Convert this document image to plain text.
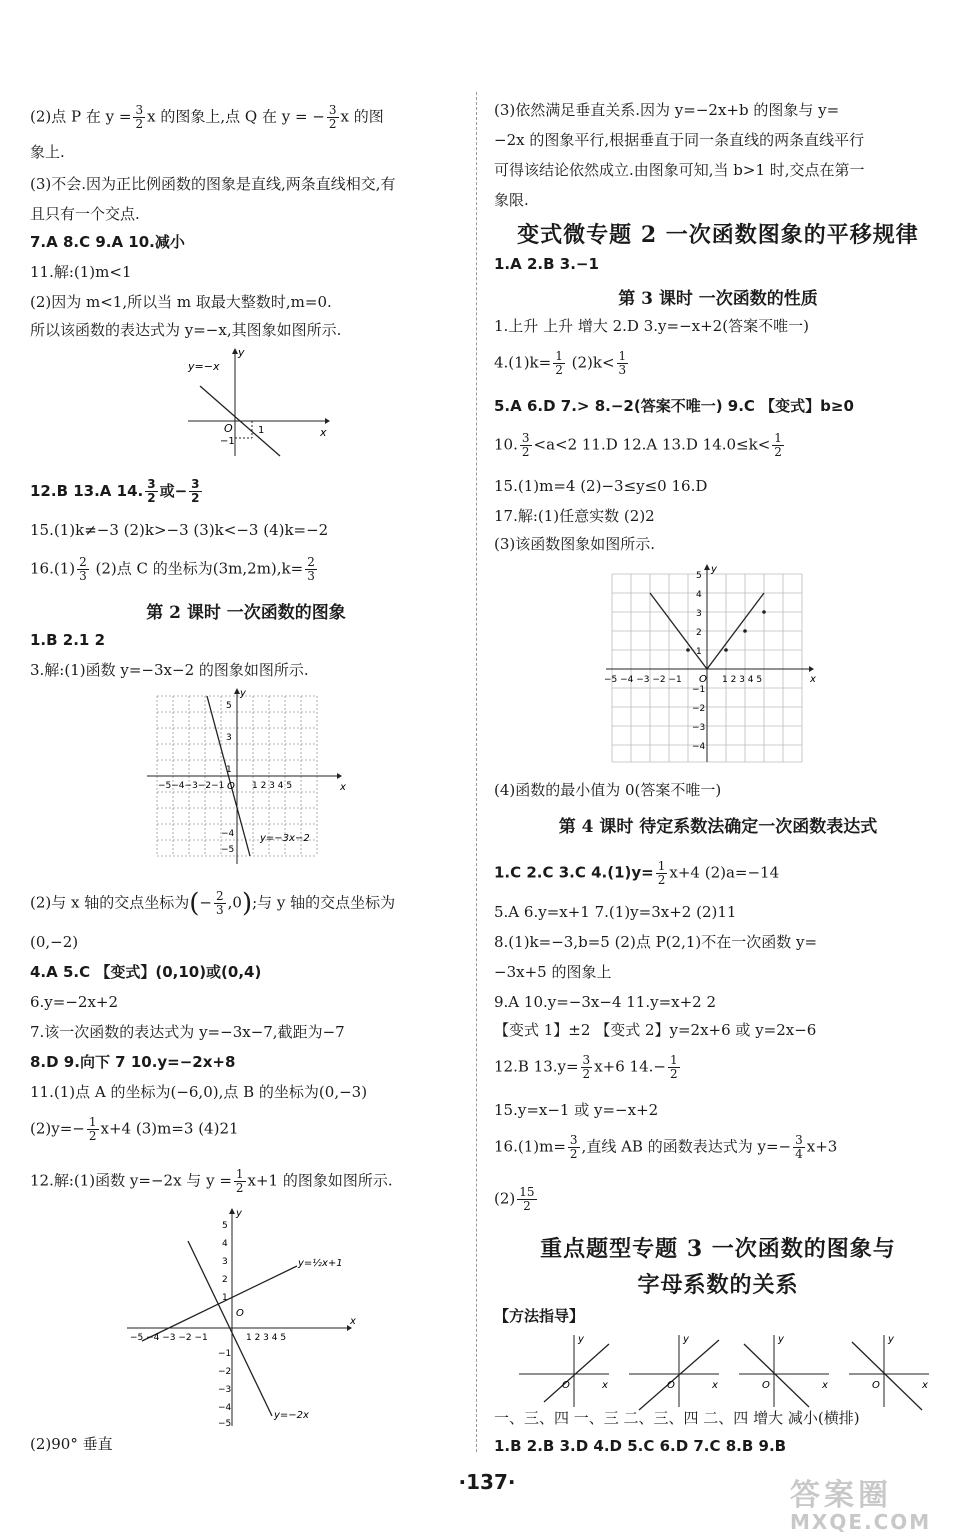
(2)点 P 在 $y = \frac{3}{2}$ x 的图象上,点 Q 在 y = − $\frac{3}{2}$ x 的图
象上.
(3)不会.因为正比例函数的图象是直线,两条直线相交,有
且只有一个交点.
7.A 8.C 9.A 10.减小
11.解:(1)m<1
(2)因为 m<1,所以当 m 取最大整数时,m=0.
所以该函数的表达式为 y=−x,其图象如图所示.
y=−x
y
x
O	1
−1
12.B 13.A 14. $\frac{3}{2}$ 或− $\frac{3}{2}$
15.(1)k≠−3 (2)k>−3 (3)k<−3 (4)k=−2
$16.(1) \frac{2}{3} (2)$点 C 的坐标为$(3m,2m),k= \frac{2}{3}$
第 2 课时 一次函数的图象
1.B 2.1 2
3.解:(1)函数 y=−3x−2 的图象如图所示.
y
x
O
5
3
1
−4
−5
−5−4−3−2−1	1 2 3 4 5
y=−3x−2
(2)与 x 轴的交点坐标为(− $\frac{2}{3} ,0$);与 y 轴的交点坐标为
(0,−2)
4.A 5.C 【变式】(0,10)或(0,4)
6.y=−2x+2
7.该一次函数的表达式为 y=−3x−7,截距为−7
8.D 9.向下 7 10.y=−2x+8
11.(1)点 A 的坐标为(−6,0),点 B 的坐标为(0,−3)
$(2)y=- \frac{1}{2} x+4$ (3)m=3 (4)21
12.解:(1)函数 y=−2x 与 $y = \frac{1}{2} x+1$ 的图象如图所示.
y
x
O
5
4
3
2
1
−1
−2
−3
−4
−5
−5 −4 −3 −2 −1	1 2 3 4 5
y=½x+1
y=−2x
(2)90° 垂直
(3)依然满足垂直关系.因为 y=−2x+b 的图象与 y=
−2x 的图象平行,根据垂直于同一条直线的两条直线平行
可得该结论依然成立.由图象可知,当 b>1 时,交点在第一
象限.
变式微专题 2 一次函数图象的平移规律
1.A 2.B 3.−1
第 3 课时 一次函数的性质
1.上升 上升 增大 2.D 3.y=−x+2(答案不唯一)
$4.(1)k= \frac{1}{2} (2)k< \frac{1}{3}$
5.A 6.D 7.> 8.−2(答案不唯一) 9.C 【变式】b≥0
10. $\frac{3}{2} <a<2$ 11.D 12.A 13.D $14.0\le k< \frac{1}{2}$
15.(1)m=4 (2)−3≤y≤0 16.D
17.解:(1)任意实数 (2)2
(3)该函数图象如图所示.
y
x
O
5
4
3
2
1
−1
−2
−3
−4
−5 −4 −3 −2 −1	1 2 3 4 5
(4)函数的最小值为 0(答案不唯一)
第 4 课时 待定系数法确定一次函数表达式
1.C 2.C 3.C $4.(1)y= \frac{1}{2} x+4$ (2)a=−14
5.A 6.y=x+1 7.(1)y=3x+2 (2)11
8.(1)k=−3,b=5 (2)点 P(2,1)不在一次函数 y=
−3x+5 的图象上
9.A 10.y=−3x−4 11.y=x+2 2
【变式 1】±2 【变式 2】y=2x+6 或 y=2x−6
12.B $13.y= \frac{3}{2} x+6$ $14.- \frac{1}{2}$
15.y=x−1 或 y=−x+2
$16.(1)m= \frac{3}{2}$ ,直线 AB 的函数表达式为 $y=- \frac{3}{4} x+3$
$(2) \frac{15}{2}$
重点题型专题 3 一次函数的图象与
字母系数的关系
【方法指导】
O	x
y
O	x
y
O	x
y
O	x
y
一、三、四 一、三 二、三、四 二、四 增大 减小(横排)
1.B 2.B 3.D 4.D 5.C 6.D 7.C 8.B 9.B
·137·	答案圈
MXQE.COM
